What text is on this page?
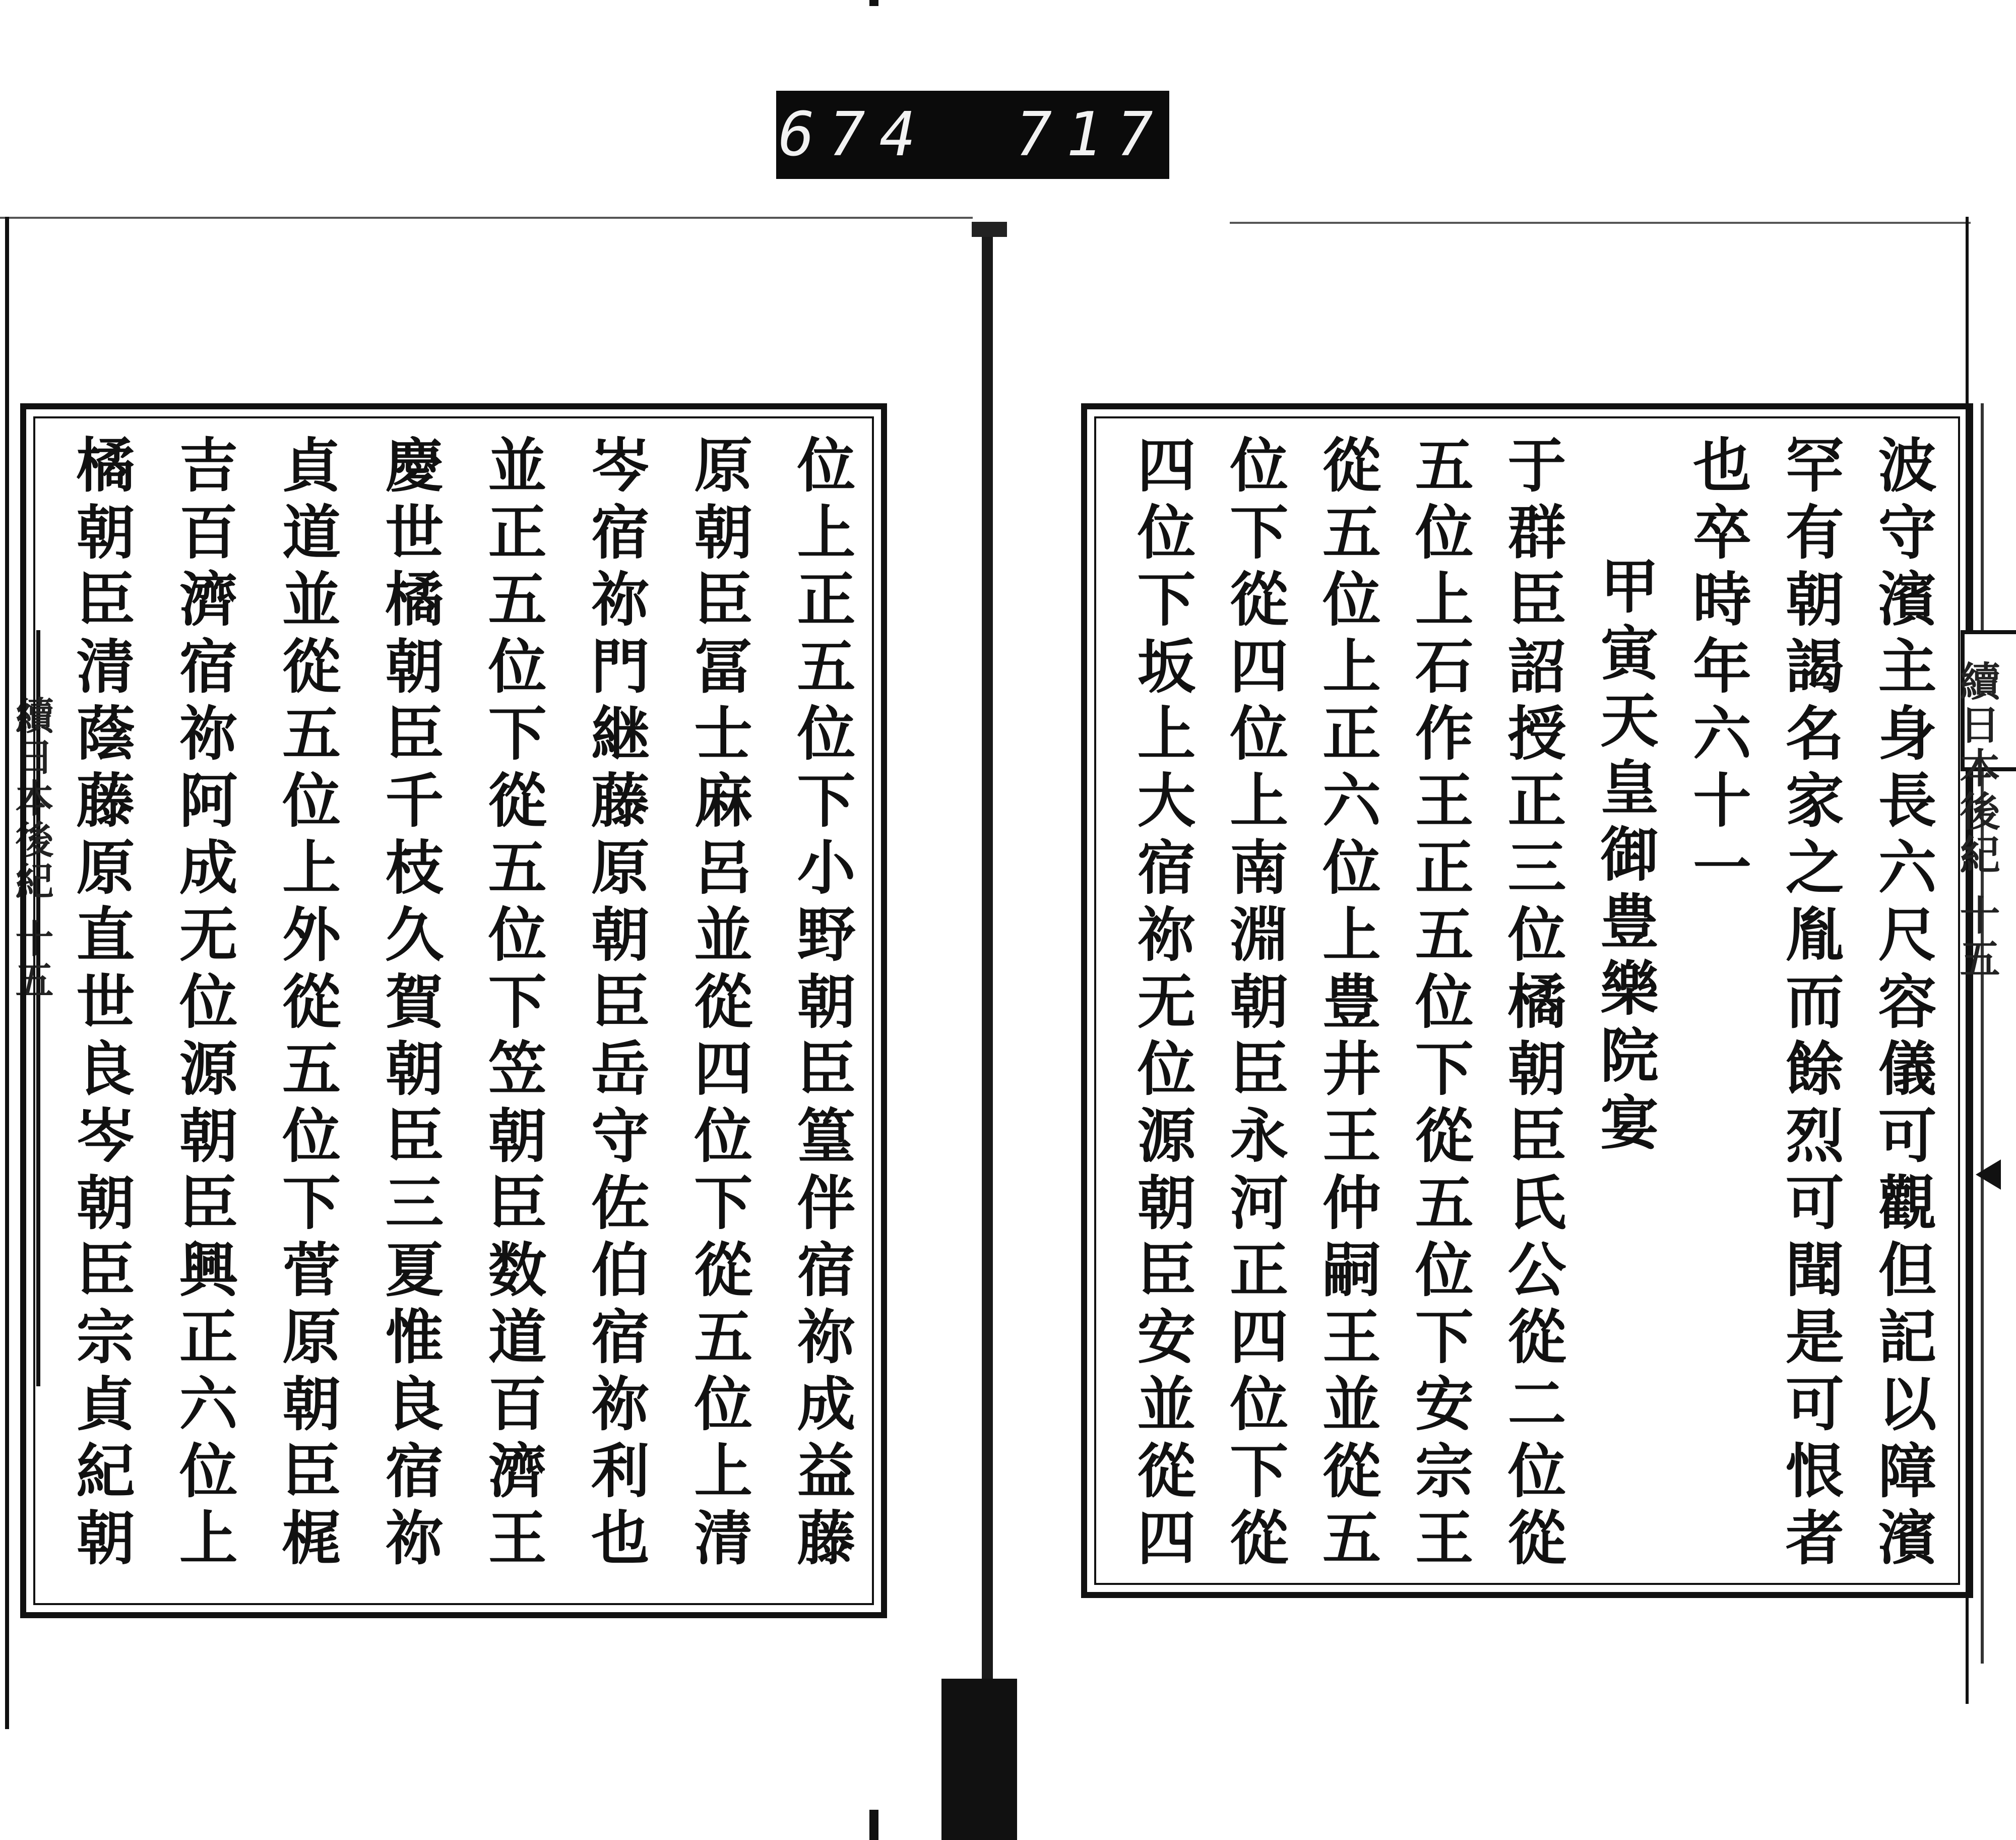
674 717
續日本後紀 十五	位上正五位下小野朝臣篁伴宿祢成益藤
原朝臣冨士麻呂並從四位下從五位上清
岑宿祢門継藤原朝臣岳守佐伯宿祢利也
並正五位下從五位下笠朝臣数道百濟王
慶世橘朝臣千枝久賀朝臣三夏惟良宿祢
貞道並從五位上外從五位下菅原朝臣梶
吉百濟宿祢阿成无位源朝臣興正六位上
橘朝臣清蔭藤原直世良岑朝臣宗貞紀朝	波守濱主身長六尺容儀可觀但記以障濱
罕有朝謁名家之胤而餘烈可聞是可恨者
也卒時年六十一
甲寅天皇御豊樂院宴
于群臣詔授正三位橘朝臣氏公從二位從
五位上石作王正五位下從五位下安宗王
從五位上正六位上豊井王仲嗣王並從五
位下從四位上南淵朝臣永河正四位下從
四位下坂上大宿祢无位源朝臣安並從四	續日本後紀 十五
